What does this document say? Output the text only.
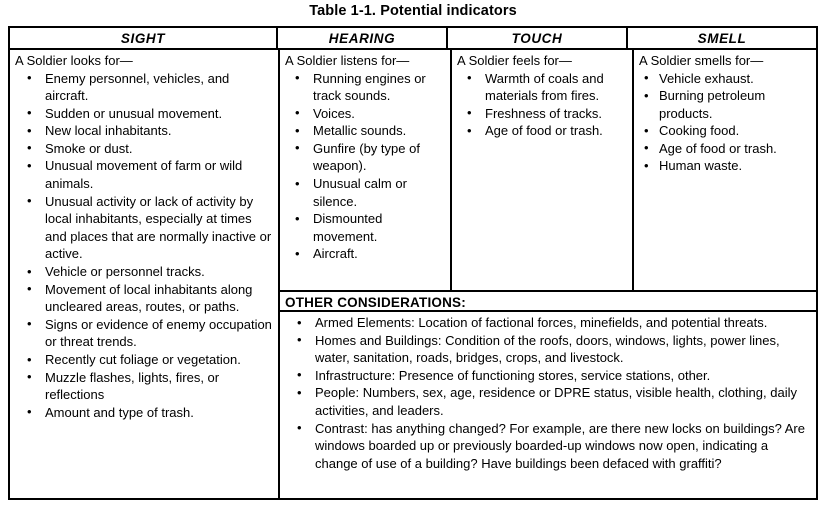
Table 1-1. Potential indicators
SIGHT	HEARING	TOUCH	SMELL
A Soldier looks for—
• Enemy personnel, vehicles, and aircraft.
• Sudden or unusual movement.
• New local inhabitants.
• Smoke or dust.
• Unusual movement of farm or wild animals.
• Unusual activity or lack of activity by local inhabitants, especially at times and places that are normally inactive or active.
• Vehicle or personnel tracks.
• Movement of local inhabitants along uncleared areas, routes, or paths.
• Signs or evidence of enemy occupation or threat trends.
• Recently cut foliage or vegetation.
• Muzzle flashes, lights, fires, or reflections
• Amount and type of trash.
A Soldier listens for—
• Running engines or track sounds.
• Voices.
• Metallic sounds.
• Gunfire (by type of weapon).
• Unusual calm or silence.
• Dismounted movement.
• Aircraft.
A Soldier feels for—
• Warmth of coals and materials from fires.
• Freshness of tracks.
• Age of food or trash.
A Soldier smells for—
• Vehicle exhaust.
• Burning petroleum products.
• Cooking food.
• Age of food or trash.
• Human waste.
OTHER CONSIDERATIONS:
• Armed Elements: Location of factional forces, minefields, and potential threats.
• Homes and Buildings: Condition of the roofs, doors, windows, lights, power lines, water, sanitation, roads, bridges, crops, and livestock.
• Infrastructure: Presence of functioning stores, service stations, other.
• People: Numbers, sex, age, residence or DPRE status, visible health, clothing, daily activities, and leaders.
• Contrast: has anything changed? For example, are there new locks on buildings? Are windows boarded up or previously boarded-up windows now open, indicating a change of use of a building? Have buildings been defaced with graffiti?
